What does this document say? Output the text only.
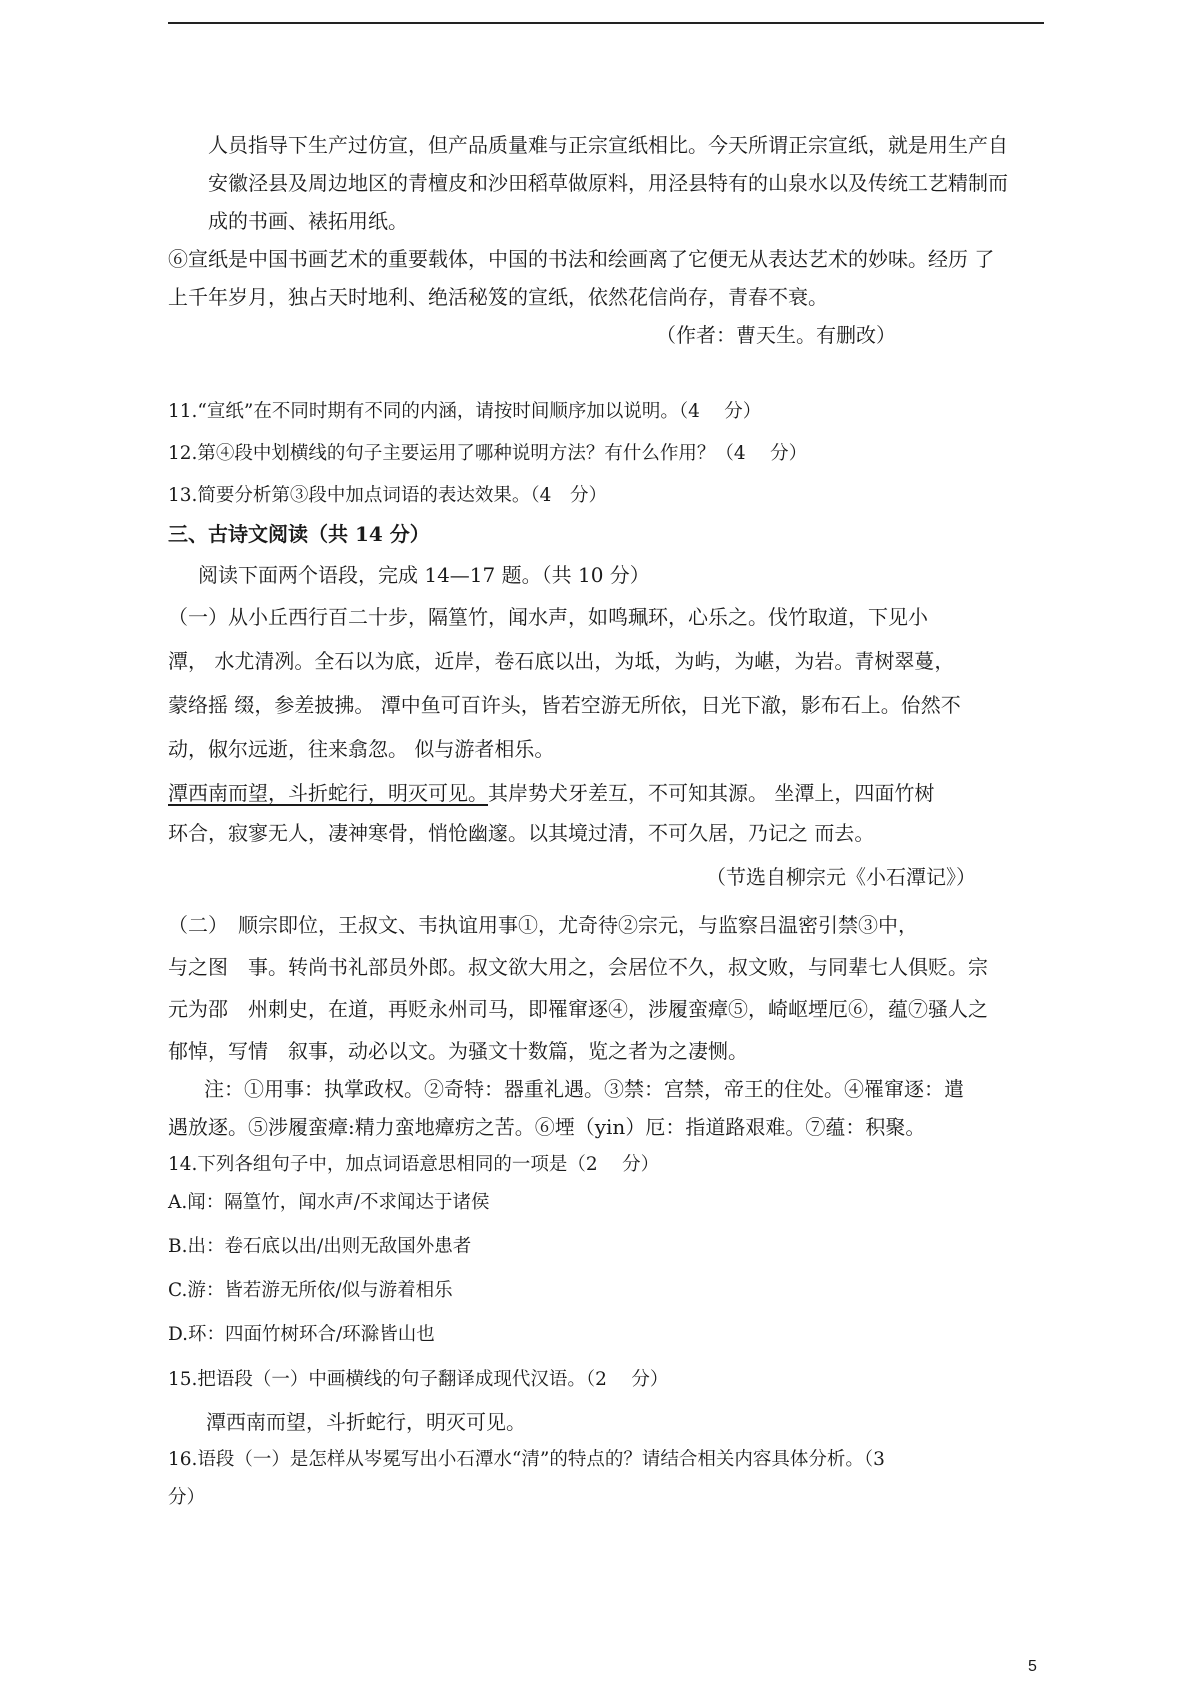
人员指导下生产过仿宣，但产品质量难与正宗宣纸相比。今天所谓正宗宣纸，就是用生产自
安徽泾县及周边地区的青檀皮和沙田稻草做原料，用泾县特有的山泉水以及传统工艺精制而
成的书画、裱拓用纸。
⑥宣纸是中国书画艺术的重要载体，中国的书法和绘画离了它便无从表达艺术的妙味。经历 了
上千年岁月，独占天时地利、绝活秘笈的宣纸，依然花信尚存，青春不衰。
（作者：曹天生。有删改）
11.“宣纸”在不同时期有不同的内涵，请按时间顺序加以说明。（4　 分）
12.第④段中划横线的句子主要运用了哪种说明方法？有什么作用？（4　 分）
13.简要分析第③段中加点词语的表达效果。（4　分）
三、古诗文阅读（共 14 分）
阅读下面两个语段，完成 14—17 题。（共 10 分）
（一）从小丘西行百二十步，隔篁竹，闻水声，如鸣珮环，心乐之。伐竹取道，下见小
潭， 水尤清冽。全石以为底，近岸，卷石底以出，为坻，为屿，为嵁，为岩。青树翠蔓，
蒙络摇 缀，参差披拂。 潭中鱼可百许头，皆若空游无所依，日光下澈，影布石上。佁然不
动，俶尔远逝，往来翕忽。 似与游者相乐。
潭西南而望，斗折蛇行，明灭可见。其岸势犬牙差互，不可知其源。 坐潭上，四面竹树
环合，寂寥无人，凄神寒骨，悄怆幽邃。以其境过清，不可久居，乃记之 而去。
（节选自柳宗元《小石潭记》）
（二）　顺宗即位，王叔文、韦执谊用事①，尤奇待②宗元，与监察吕温密引禁③中，
与之图　事。转尚书礼部员外郎。叔文欲大用之，会居位不久，叔文败，与同辈七人俱贬。宗
元为邵　州刺史，在道，再贬永州司马，即罹窜逐④，涉履蛮瘴⑤，崎岖堙厄⑥，蕴⑦骚人之
郁悼，写情　叙事，动必以文。为骚文十数篇，览之者为之凄恻。
注：①用事：执掌政权。②奇特：器重礼遇。③禁：宫禁，帝王的住处。④罹窜逐：遣
遇放逐。⑤涉履蛮瘴:精力蛮地瘴疠之苦。⑥堙（yin）厄：指道路艰难。⑦蕴：积聚。
14.下列各组句子中，加点词语意思相同的一项是（2　 分）
A.闻：隔篁竹，闻水声/不求闻达于诸侯
B.出：卷石底以出/出则无敌国外患者
C.游：皆若游无所依/似与游着相乐
D.环：四面竹树环合/环滁皆山也
15.把语段（一）中画横线的句子翻译成现代汉语。（2　 分）
潭西南而望，斗折蛇行，明灭可见。
16.语段（一）是怎样从岑冕写出小石潭水“清”的特点的？请结合相关内容具体分析。（3
分）
5
